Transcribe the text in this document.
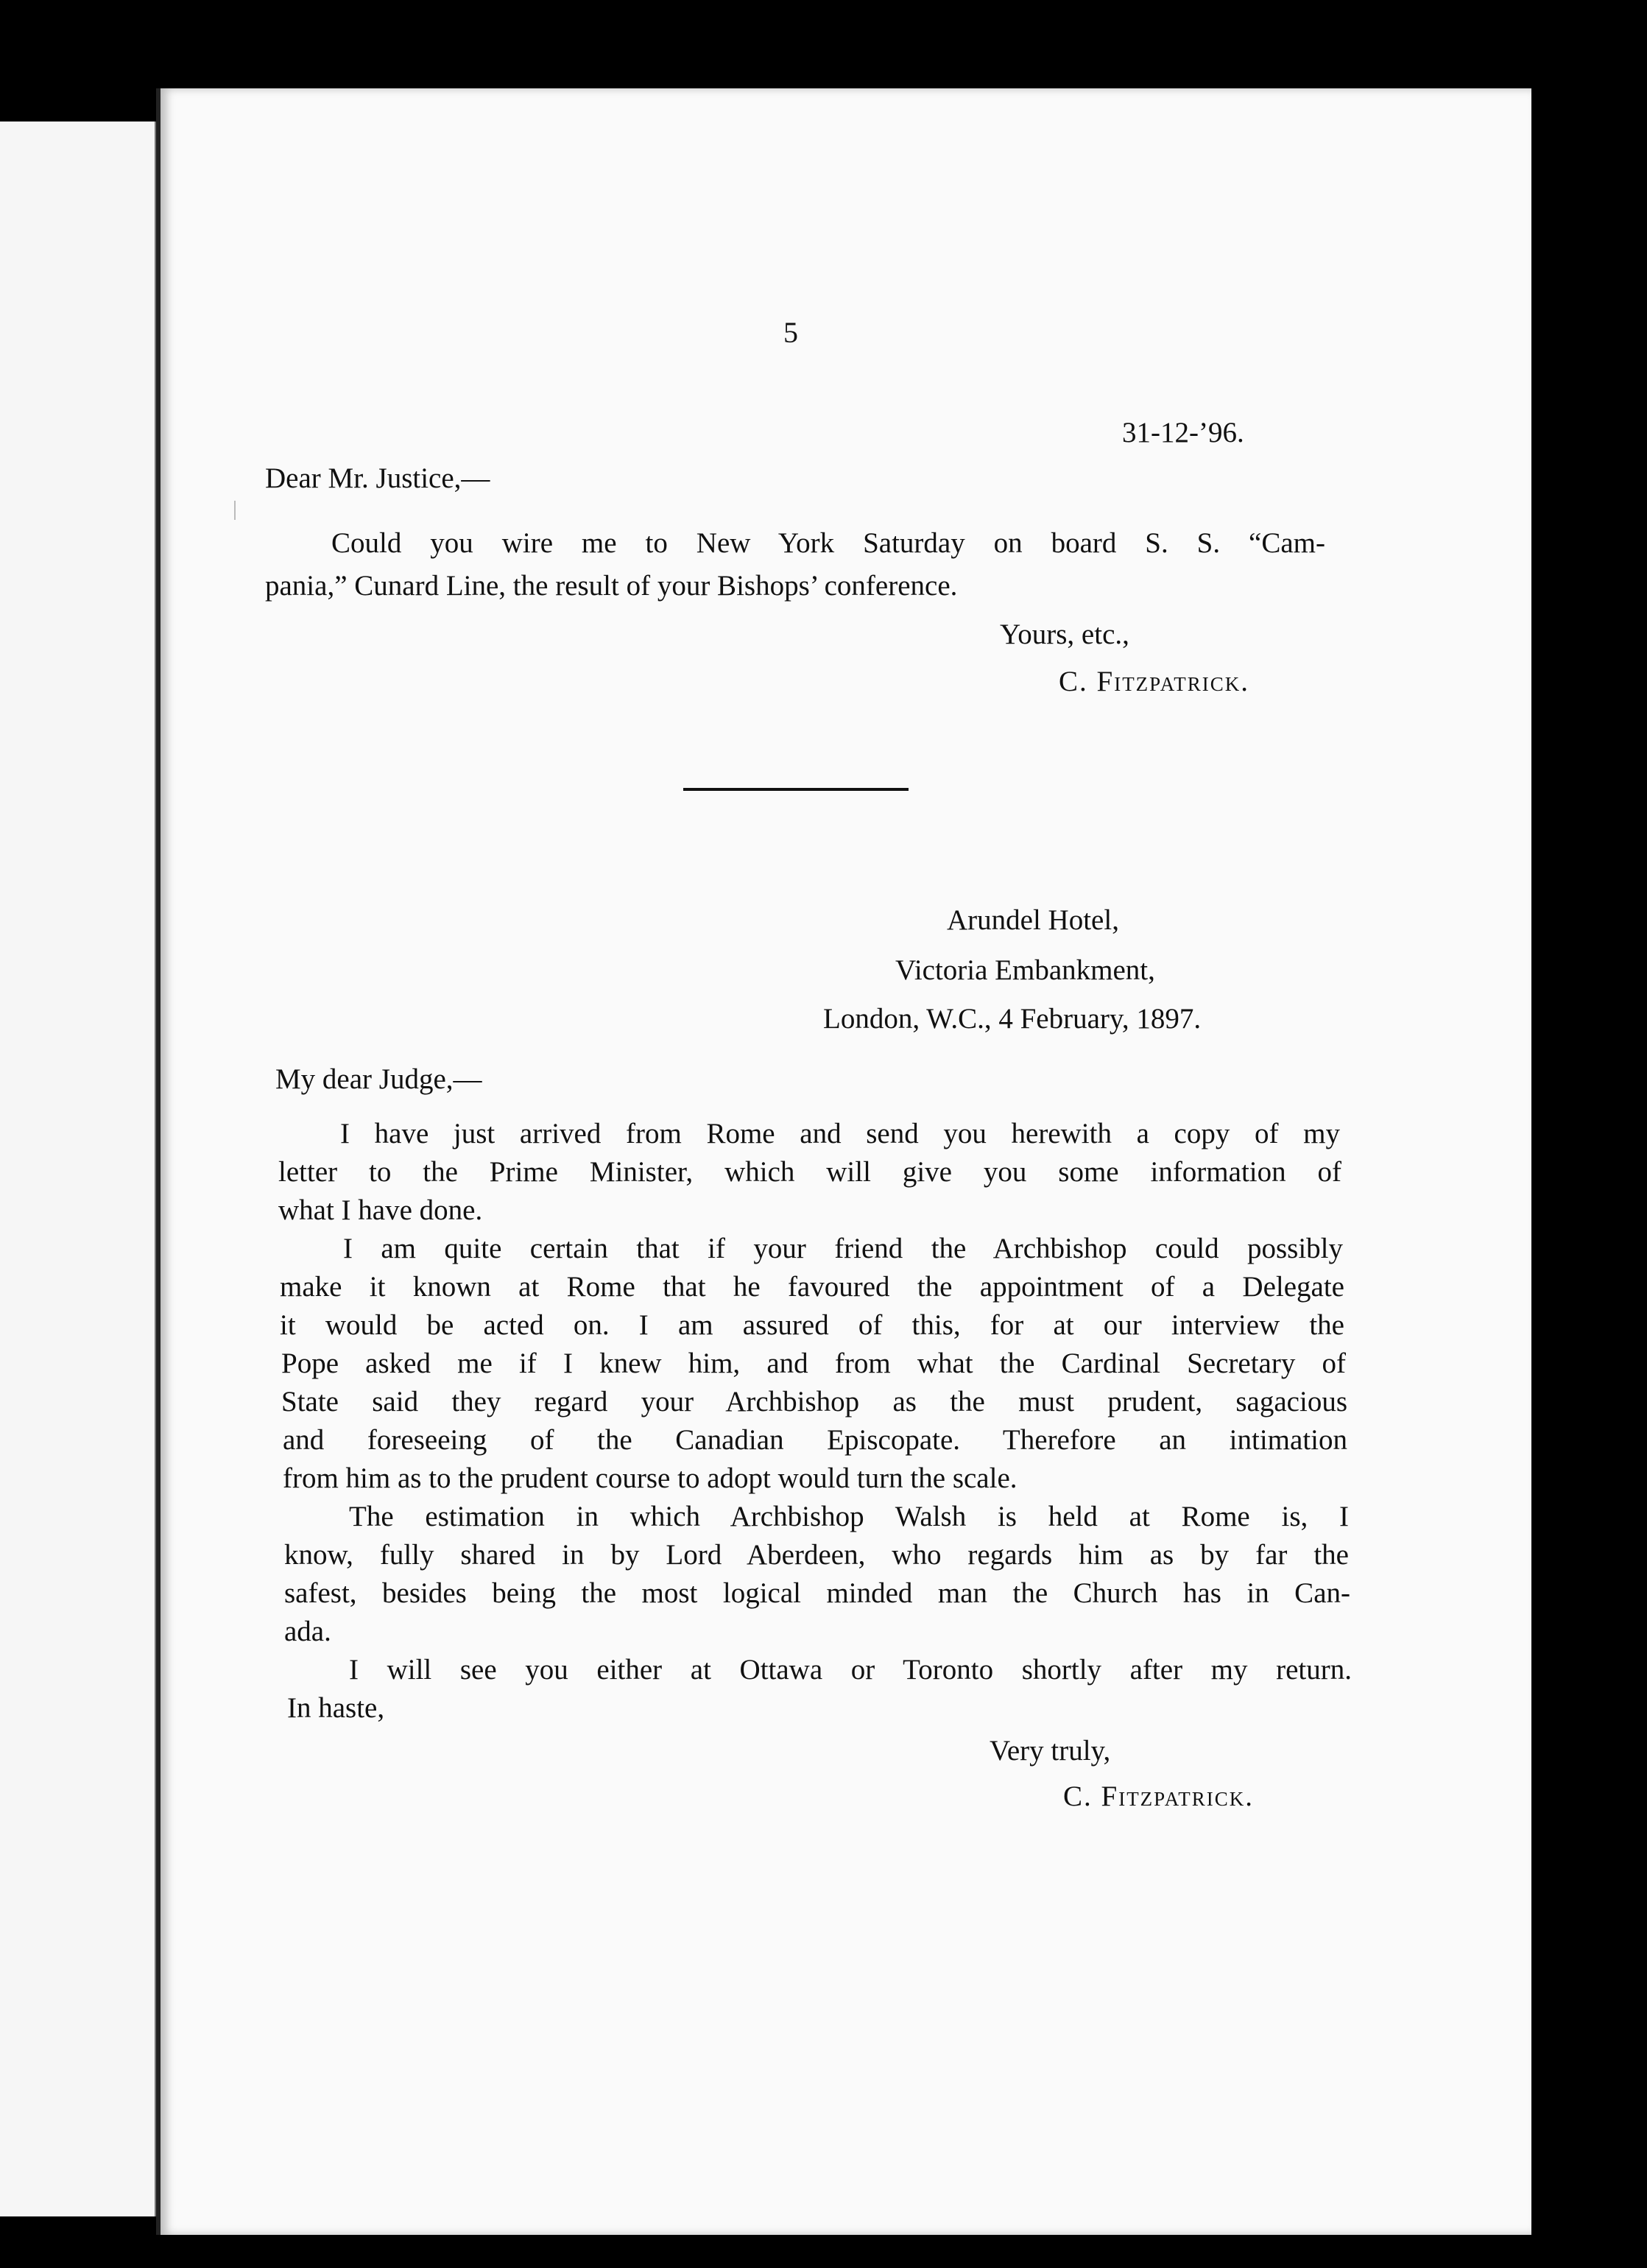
5
31-12-’96.
Dear Mr. Justice,—
Could you wire me to New York Saturday on board S. S. “Cam-
pania,” Cunard Line, the result of your Bishops’ conference.
Yours, etc.,
C. Fitzpatrick.
Arundel Hotel,
Victoria Embankment,
London, W.C., 4 February, 1897.
My dear Judge,—
I have just arrived from Rome and send you herewith a copy of my
letter to the Prime Minister, which will give you some information of
what I have done.
I am quite certain that if your friend the Archbishop could possibly
make it known at Rome that he favoured the appointment of a Delegate
it would be acted on. I am assured of this, for at our interview the
Pope asked me if I knew him, and from what the Cardinal Secretary of
State said they regard your Archbishop as the must prudent, sagacious
and foreseeing of the Canadian Episcopate. Therefore an intimation
from him as to the prudent course to adopt would turn the scale.
The estimation in which Archbishop Walsh is held at Rome is, I
know, fully shared in by Lord Aberdeen, who regards him as by far the
safest, besides being the most logical minded man the Church has in Can-
ada.
I will see you either at Ottawa or Toronto shortly after my return.
In haste,
Very truly,
C. Fitzpatrick.
